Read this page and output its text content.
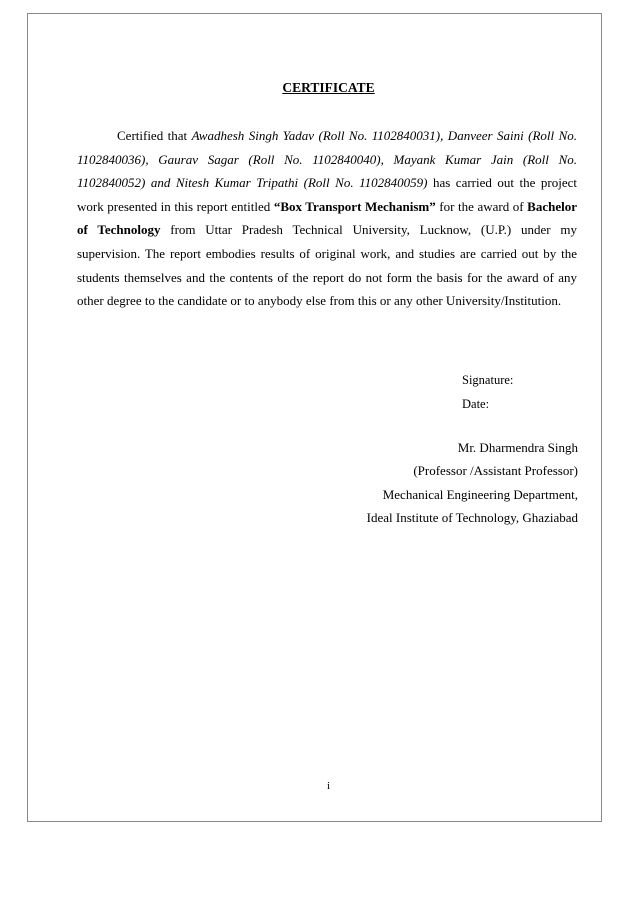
CERTIFICATE

Certified that Awadhesh Singh Yadav (Roll No. 1102840031), Danveer Saini (Roll No. 1102840036), Gaurav Sagar (Roll No. 1102840040), Mayank Kumar Jain (Roll No. 1102840052) and Nitesh Kumar Tripathi (Roll No. 1102840059) has carried out the project work presented in this report entitled “Box Transport Mechanism” for the award of Bachelor of Technology from Uttar Pradesh Technical University, Lucknow, (U.P.) under my supervision. The report embodies results of original work, and studies are carried out by the students themselves and the contents of the report do not form the basis for the award of any other degree to the candidate or to anybody else from this or any other University/Institution.

Signature:
Date:
Mr. Dharmendra Singh
(Professor /Assistant Professor)
Mechanical Engineering Department,
Ideal Institute of Technology, Ghaziabad
i
